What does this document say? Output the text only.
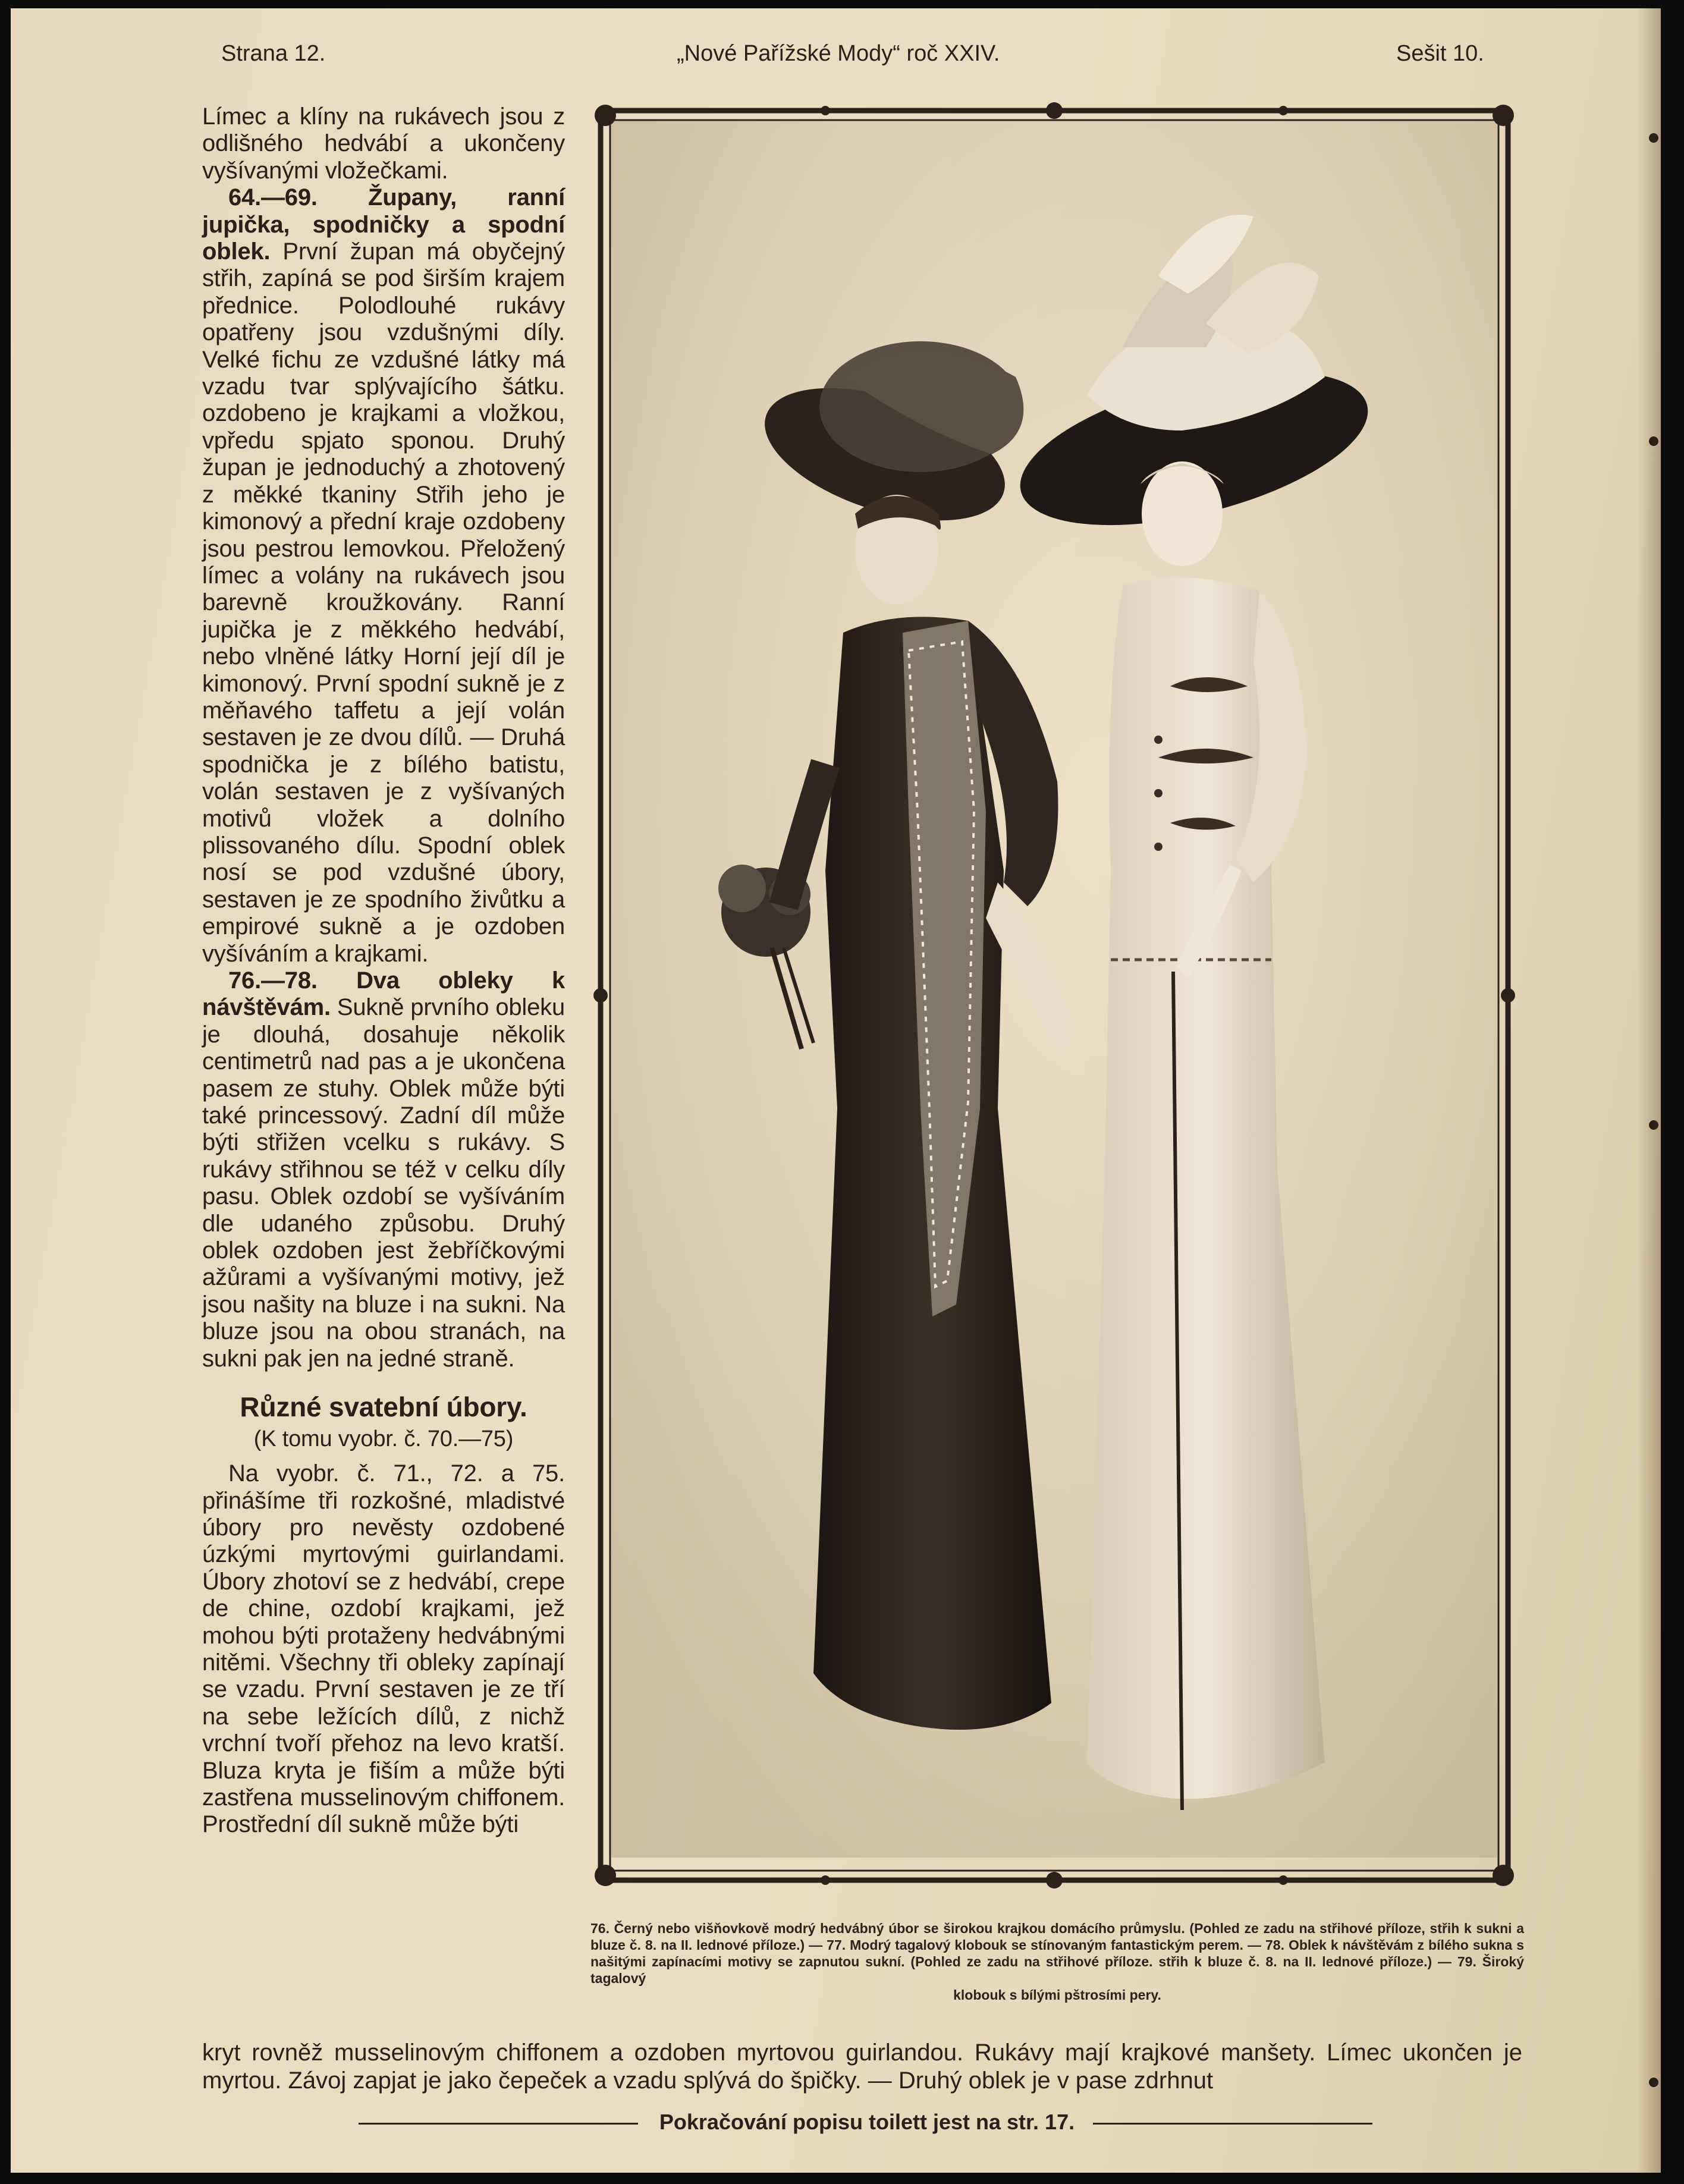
Strana 12.	„Nové Pařížské Mody“ roč XXIV.	Sešit 10.

Límec a klíny na rukávech jsou z odlišného hedvábí a ukončeny vyšívanými vložečkami.

64.—69. Župany, ranní jupička, spodničky a spodní oblek. První župan má obyčejný střih, zapíná se pod širším krajem přednice. Polodlouhé rukávy opatřeny jsou vzdušnými díly. Velké fichu ze vzdušné látky má vzadu tvar splývajícího šátku. ozdobeno je krajkami a vložkou, vpředu spjato sponou. Druhý župan je jednoduchý a zhotovený z měkké tkaniny Střih jeho je kimonový a přední kraje ozdobeny jsou pestrou lemovkou. Přeložený límec a volány na rukávech jsou barevně kroužkovány. Ranní jupička je z měkkého hedvábí, nebo vlněné látky Horní její díl je kimonový. První spodní sukně je z měňavého taffetu a její volán sestaven je ze dvou dílů. — Druhá spodnička je z bílého batistu, volán sestaven je z vyšívaných motivů vložek a dolního plissovaného dílu. Spodní oblek nosí se pod vzdušné úbory, sestaven je ze spodního živůtku a empirové sukně a je ozdoben vyšíváním a krajkami.

76.—78. Dva obleky k návštěvám. Sukně prvního obleku je dlouhá, dosahuje několik centimetrů nad pas a je ukončena pasem ze stuhy. Oblek může býti také princessový. Zadní díl může býti střižen vcelku s rukávy. S rukávy střihnou se též v celku díly pasu. Oblek ozdobí se vyšíváním dle udaného způsobu. Druhý oblek ozdoben jest žebříčkovými ažůrami a vyšívanými motivy, jež jsou našity na bluze i na sukni. Na bluze jsou na obou stranách, na sukni pak jen na jedné straně.

Různé svatební úbory.
(K tomu vyobr. č. 70.—75)

Na vyobr. č. 71., 72. a 75. přinášíme tři rozkošné, mladistvé úbory pro nevěsty ozdobené úzkými myrtovými guirlandami. Úbory zhotoví se z hedvábí, crepe de chine, ozdobí krajkami, jež mohou býti protaženy hedvábnými nitěmi. Všechny tři obleky zapínají se vzadu. První sestaven je ze tří na sebe ležících dílů, z nichž vrchní tvoří přehoz na levo kratší. Bluza kryta je fiším a může býti zastřena musselinovým chiffonem. Prostřední díl sukně může býti

76. Černý nebo višňovkově modrý hedvábný úbor se širokou krajkou domácího průmyslu. (Pohled ze zadu na střihové příloze, střih k sukni a bluze č. 8. na II. lednové příloze.) — 77. Modrý tagalový klobouk se stínovaným fantastickým perem. — 78. Oblek k návštěvám z bílého sukna s našitými zapínacími motivy se zapnutou sukní. (Pohled ze zadu na střihové příloze. střih k bluze č. 8. na II. lednové příloze.) — 79. Široký tagalový
klobouk s bílými pštrosími pery.

kryt rovněž musselinovým chiffonem a ozdoben myrtovou guirlandou. Rukávy mají krajkové manšety. Límec ukončen je myrtou. Závoj zapjat je jako čepeček a vzadu splývá do špičky. — Druhý oblek je v pase zdrhnut

Pokračování popisu toilett jest na str. 17.
